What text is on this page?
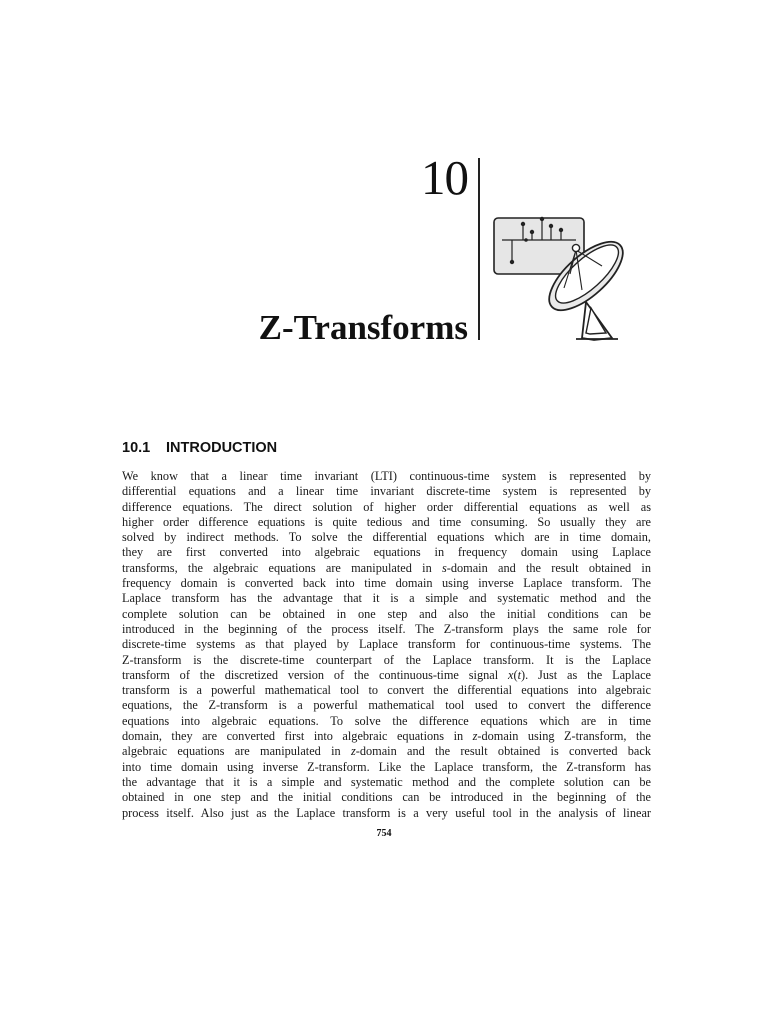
10
Z-Transforms
10.1 INTRODUCTION
We know that a linear time invariant (LTI) continuous-time system is represented by
differential equations and a linear time invariant discrete-time system is represented by
difference equations. The direct solution of higher order differential equations as well as
higher order difference equations is quite tedious and time consuming. So usually they are
solved by indirect methods. To solve the differential equations which are in time domain,
they are first converted into algebraic equations in frequency domain using Laplace
transforms, the algebraic equations are manipulated in s-domain and the result obtained in
frequency domain is converted back into time domain using inverse Laplace transform. The
Laplace transform has the advantage that it is a simple and systematic method and the
complete solution can be obtained in one step and also the initial conditions can be
introduced in the beginning of the process itself. The Z-transform plays the same role for
discrete-time systems as that played by Laplace transform for continuous-time systems. The
Z-transform is the discrete-time counterpart of the Laplace transform. It is the Laplace
transform of the discretized version of the continuous-time signal x(t). Just as the Laplace
transform is a powerful mathematical tool to convert the differential equations into algebraic
equations, the Z-transform is a powerful mathematical tool used to convert the difference
equations into algebraic equations. To solve the difference equations which are in time
domain, they are converted first into algebraic equations in z-domain using Z-transform, the
algebraic equations are manipulated in z-domain and the result obtained is converted back
into time domain using inverse Z-transform. Like the Laplace transform, the Z-transform has
the advantage that it is a simple and systematic method and the complete solution can be
obtained in one step and the initial conditions can be introduced in the beginning of the
process itself. Also just as the Laplace transform is a very useful tool in the analysis of linear
754
